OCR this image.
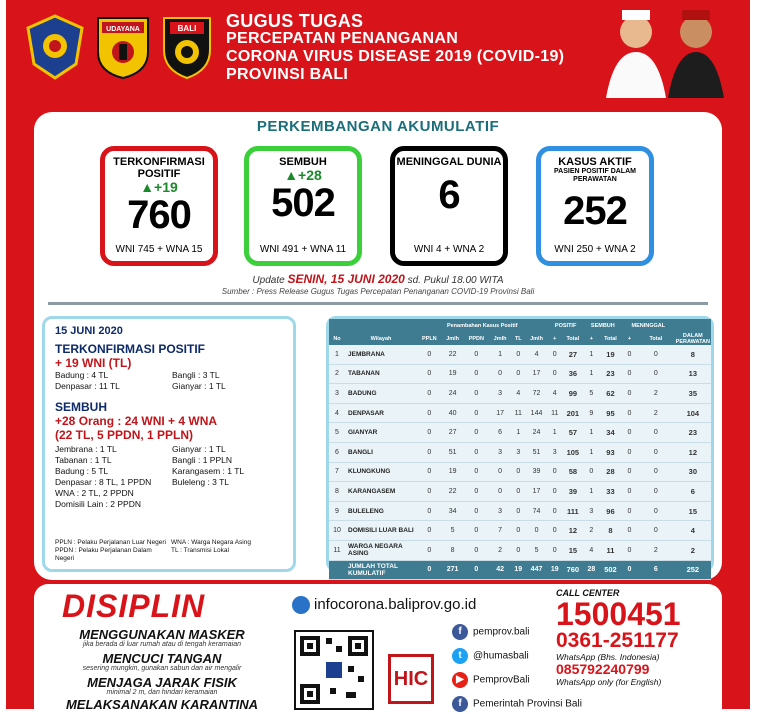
UDAYANA	BALI GUGUS TUGAS
PERCEPATAN PENANGANAN
CORONA VIRUS DISEASE 2019 (COVID-19)
PROVINSI BALI
PERKEMBANGAN AKUMULATIF
TERKONFIRMASI POSITIF
▲+19
760
WNI 745 + WNA 15
SEMBUH
▲+28
502
WNI 491 + WNA 11
MENINGGAL DUNIA
6
WNI 4 + WNA 2
KASUS AKTIF
PASIEN POSITIF DALAM PERAWATAN
252
WNI 250 + WNA 2
Update SENIN, 15 JUNI 2020 sd. Pukul 18.00 WITA
Sumber : Press Release Gugus Tugas Percepatan Penanganan COVID-19 Provinsi Bali
15 JUNI 2020
TERKONFIRMASI POSITIF
+ 19 WNI (TL)
Badung : 4 TL	Bangli : 3 TL
Denpasar : 11 TL	Gianyar : 1 TL
SEMBUH
+28 Orang : 24 WNI + 4 WNA
(22 TL, 5 PPDN, 1 PPLN)
Jembrana : 1 TL	Gianyar : 1 TL
Tabanan : 1 TL	Bangli : 1 PPLN
Badung : 5 TL	Karangasem : 1 TL
Denpasar : 8 TL, 1 PPDN	Buleleng : 3 TL
WNA : 2 TL, 2 PPDN
Domisili Lain : 2 PPDN
PPLN : Pelaku Perjalanan Luar Negeri WNA : Warga Negara Asing
PPDN : Pelaku Perjalanan Dalam Negeri
TL : Transmisi Lokal
		Penambahan Kasus Positif						POSITIF		SEMBUH		MENINGGAL		
No	Wilayah	PPLN	Jmlh	PPDN	Jmlh	TL	Jmlh	+	Total	+	Total	+	Total	DALAM PERAWATAN
1	JEMBRANA	0	22	0	1	0	4	0	27	1	19	0	0	8
2	TABANAN	0	19	0	0	0	17	0	36	1	23	0	0	13
3	BADUNG	0	24	0	3	4	72	4	99	5	62	0	2	35
4	DENPASAR	0	40	0	17	11	144	11	201	9	95	0	2	104
5	GIANYAR	0	27	0	6	1	24	1	57	1	34	0	0	23
6	BANGLI	0	51	0	3	3	51	3	105	1	93	0	0	12
7	KLUNGKUNG	0	19	0	0	0	39	0	58	0	28	0	0	30
8	KARANGASEM	0	22	0	0	0	17	0	39	1	33	0	0	6
9	BULELENG	0	34	0	3	0	74	0	111	3	96	0	0	15
10	DOMISILI LUAR BALI	0	5	0	7	0	0	0	12	2	8	0	0	4
11	WARGA NEGARA ASING	0	8	0	2	0	5	0	15	4	11	0	2	2
	JUMLAH TOTAL KUMULATIF	0	271	0	42	19	447	19	760	28	502	0	6	252
DISIPLIN
MENGGUNAKAN MASKER
jika berada di luar rumah atau di tengah keramaian
MENCUCI TANGAN
sesering mungkin, gunakan sabun dan air mengalir
MENJAGA JARAK FISIK
minimal 2 m, dan hindari keramaian
MELAKSANAKAN KARANTINA
infocorona.baliprov.go.id
HIC
f pemprov.bali
t @humasbali
▶ PemprovBali
f Pemerintah Provinsi Bali
CALL CENTER
1500451
0361-251177
WhatsApp (Bhs. Indonesia)
085792240799
WhatsApp only (for English)
